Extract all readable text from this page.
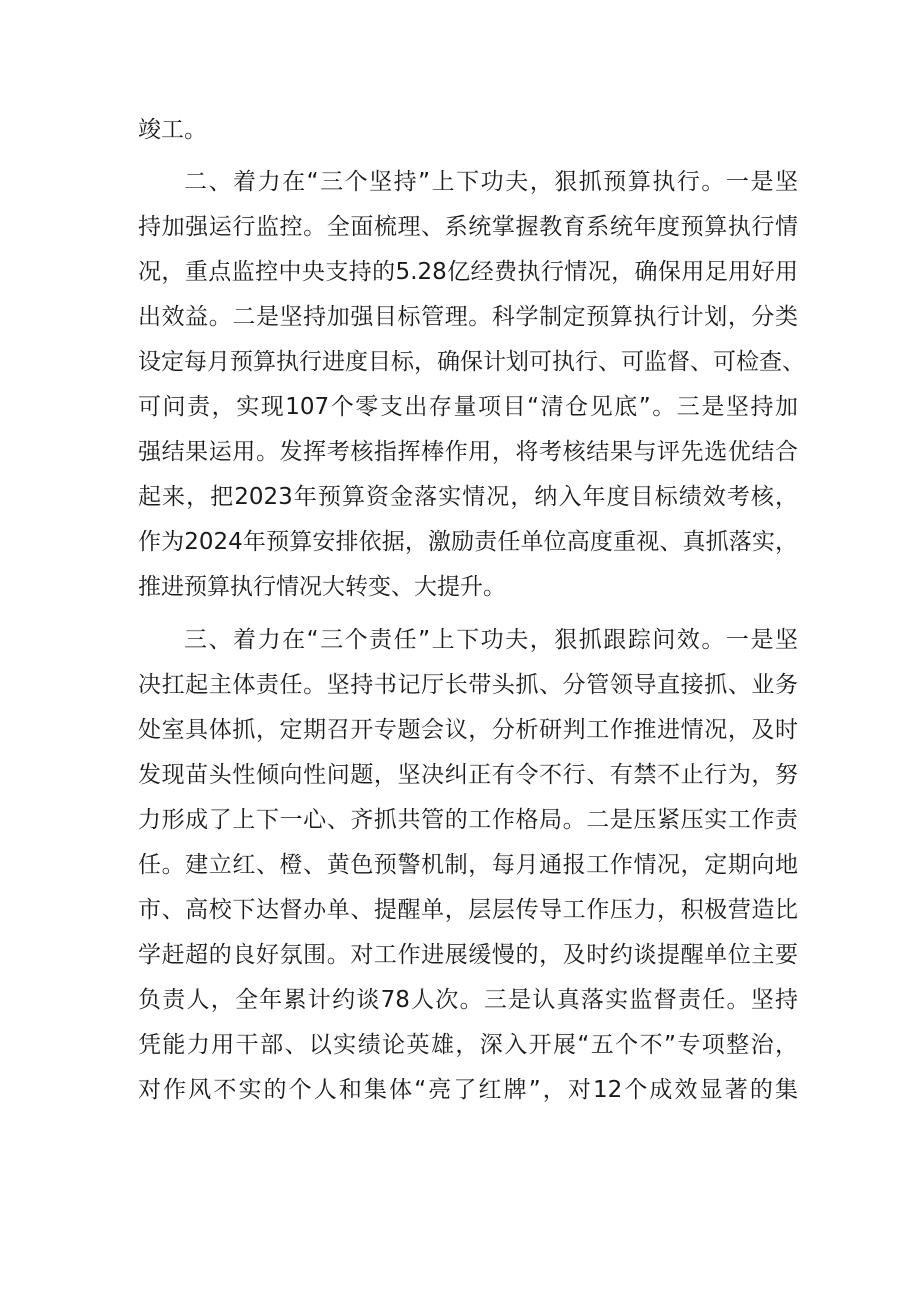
竣工。
二、着力在“三个坚持”上下功夫，狠抓预算执行。一是坚
持加强运行监控。全面梳理、系统掌握教育系统年度预算执行情
况，重点监控中央支持的5.28亿经费执行情况，确保用足用好用
出效益。二是坚持加强目标管理。科学制定预算执行计划，分类
设定每月预算执行进度目标，确保计划可执行、可监督、可检查、
可问责，实现107个零支出存量项目“清仓见底”。三是坚持加
强结果运用。发挥考核指挥棒作用，将考核结果与评先选优结合
起来，把2023年预算资金落实情况，纳入年度目标绩效考核，
作为2024年预算安排依据，激励责任单位高度重视、真抓落实，
推进预算执行情况大转变、大提升。
三、着力在“三个责任”上下功夫，狠抓跟踪问效。一是坚
决扛起主体责任。坚持书记厅长带头抓、分管领导直接抓、业务
处室具体抓，定期召开专题会议，分析研判工作推进情况，及时
发现苗头性倾向性问题，坚决纠正有令不行、有禁不止行为，努
力形成了上下一心、齐抓共管的工作格局。二是压紧压实工作责
任。建立红、橙、黄色预警机制，每月通报工作情况，定期向地
市、高校下达督办单、提醒单，层层传导工作压力，积极营造比
学赶超的良好氛围。对工作进展缓慢的，及时约谈提醒单位主要
负责人，全年累计约谈78人次。三是认真落实监督责任。坚持
凭能力用干部、以实绩论英雄，深入开展“五个不”专项整治，
对作风不实的个人和集体“亮了红牌”，对12个成效显著的集
